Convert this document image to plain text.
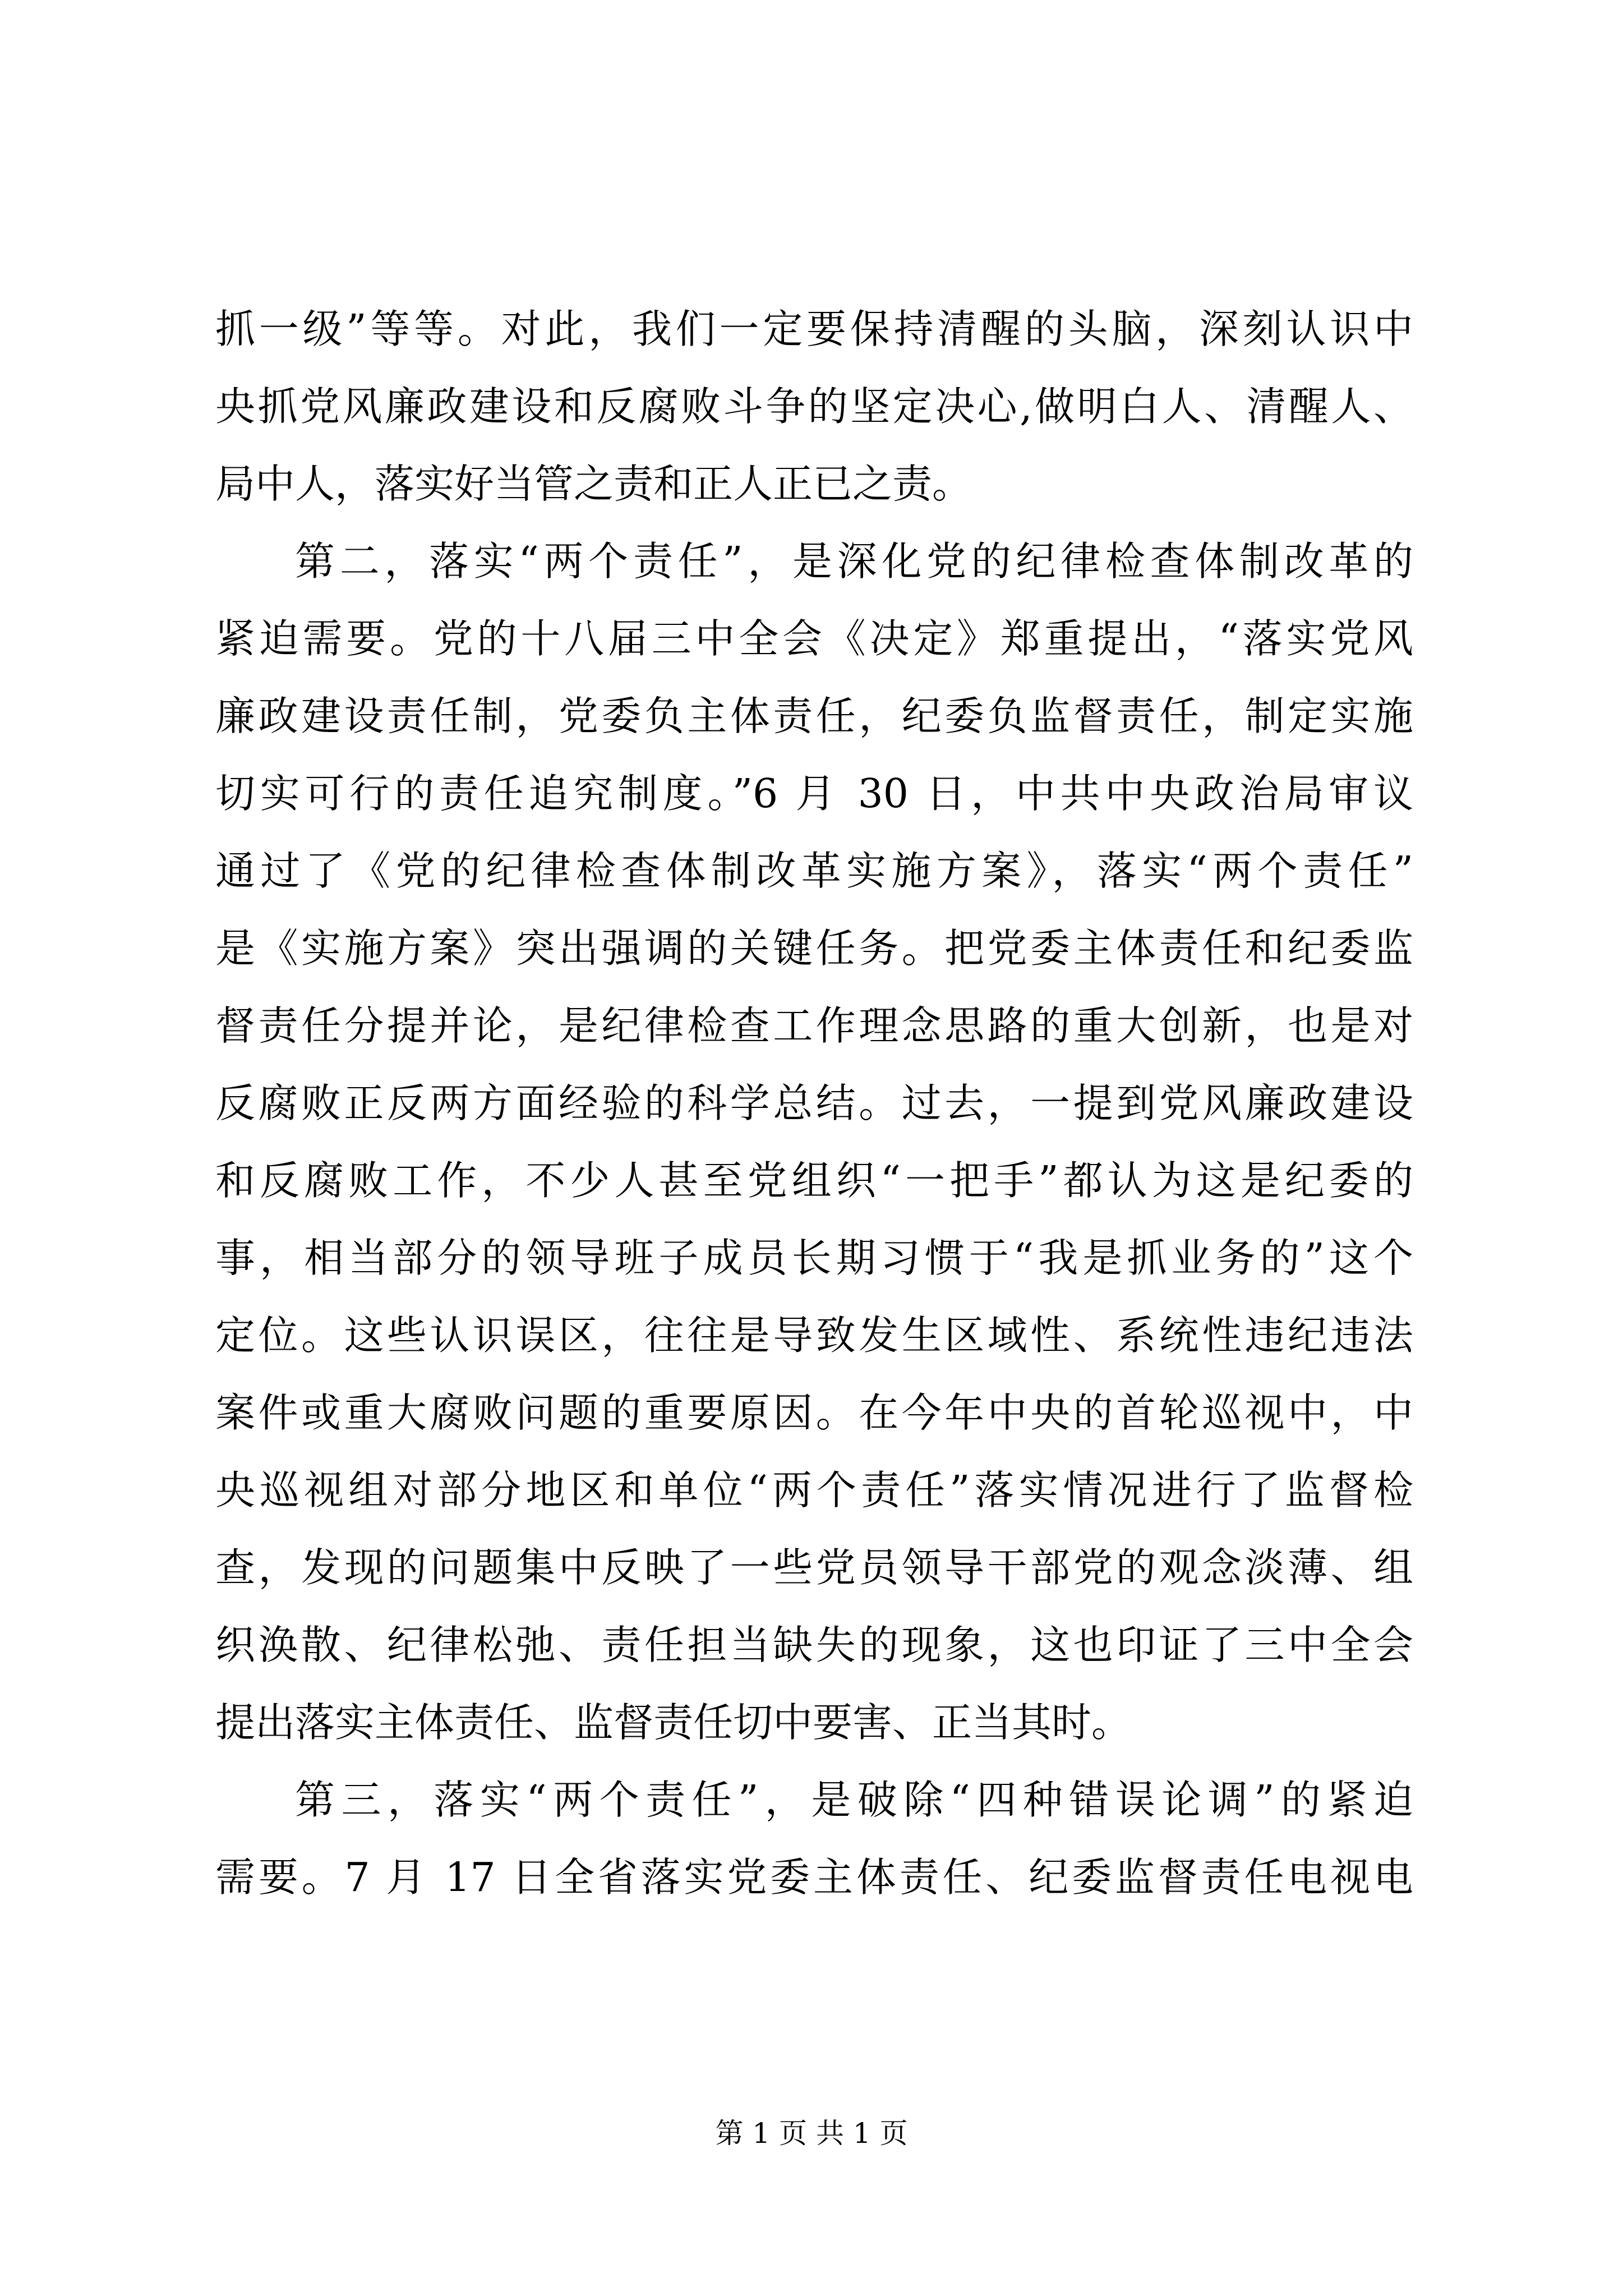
抓一级”等等。对此，我们一定要保持清醒的头脑，深刻认识中
央抓党风廉政建设和反腐败斗争的坚定决心,做明白人、清醒人、
局中人，落实好当管之责和正人正已之责。
第二，落实“两个责任”，是深化党的纪律检查体制改革的
紧迫需要。党的十八届三中全会《决定》郑重提出，“落实党风
廉政建设责任制，党委负主体责任，纪委负监督责任，制定实施
切实可行的责任追究制度。”6 月 30 日，中共中央政治局审议
通过了《党的纪律检查体制改革实施方案》，落实“两个责任”
是《实施方案》突出强调的关键任务。把党委主体责任和纪委监
督责任分提并论，是纪律检查工作理念思路的重大创新，也是对
反腐败正反两方面经验的科学总结。过去，一提到党风廉政建设
和反腐败工作，不少人甚至党组织“一把手”都认为这是纪委的
事，相当部分的领导班子成员长期习惯于“我是抓业务的”这个
定位。这些认识误区，往往是导致发生区域性、系统性违纪违法
案件或重大腐败问题的重要原因。在今年中央的首轮巡视中，中
央巡视组对部分地区和单位“两个责任”落实情况进行了监督检
查，发现的问题集中反映了一些党员领导干部党的观念淡薄、组
织涣散、纪律松弛、责任担当缺失的现象，这也印证了三中全会
提出落实主体责任、监督责任切中要害、正当其时。
第三，落实“两个责任”，是破除“四种错误论调”的紧迫
需要。7 月 17 日全省落实党委主体责任、纪委监督责任电视电
第 1 页 共 1 页
